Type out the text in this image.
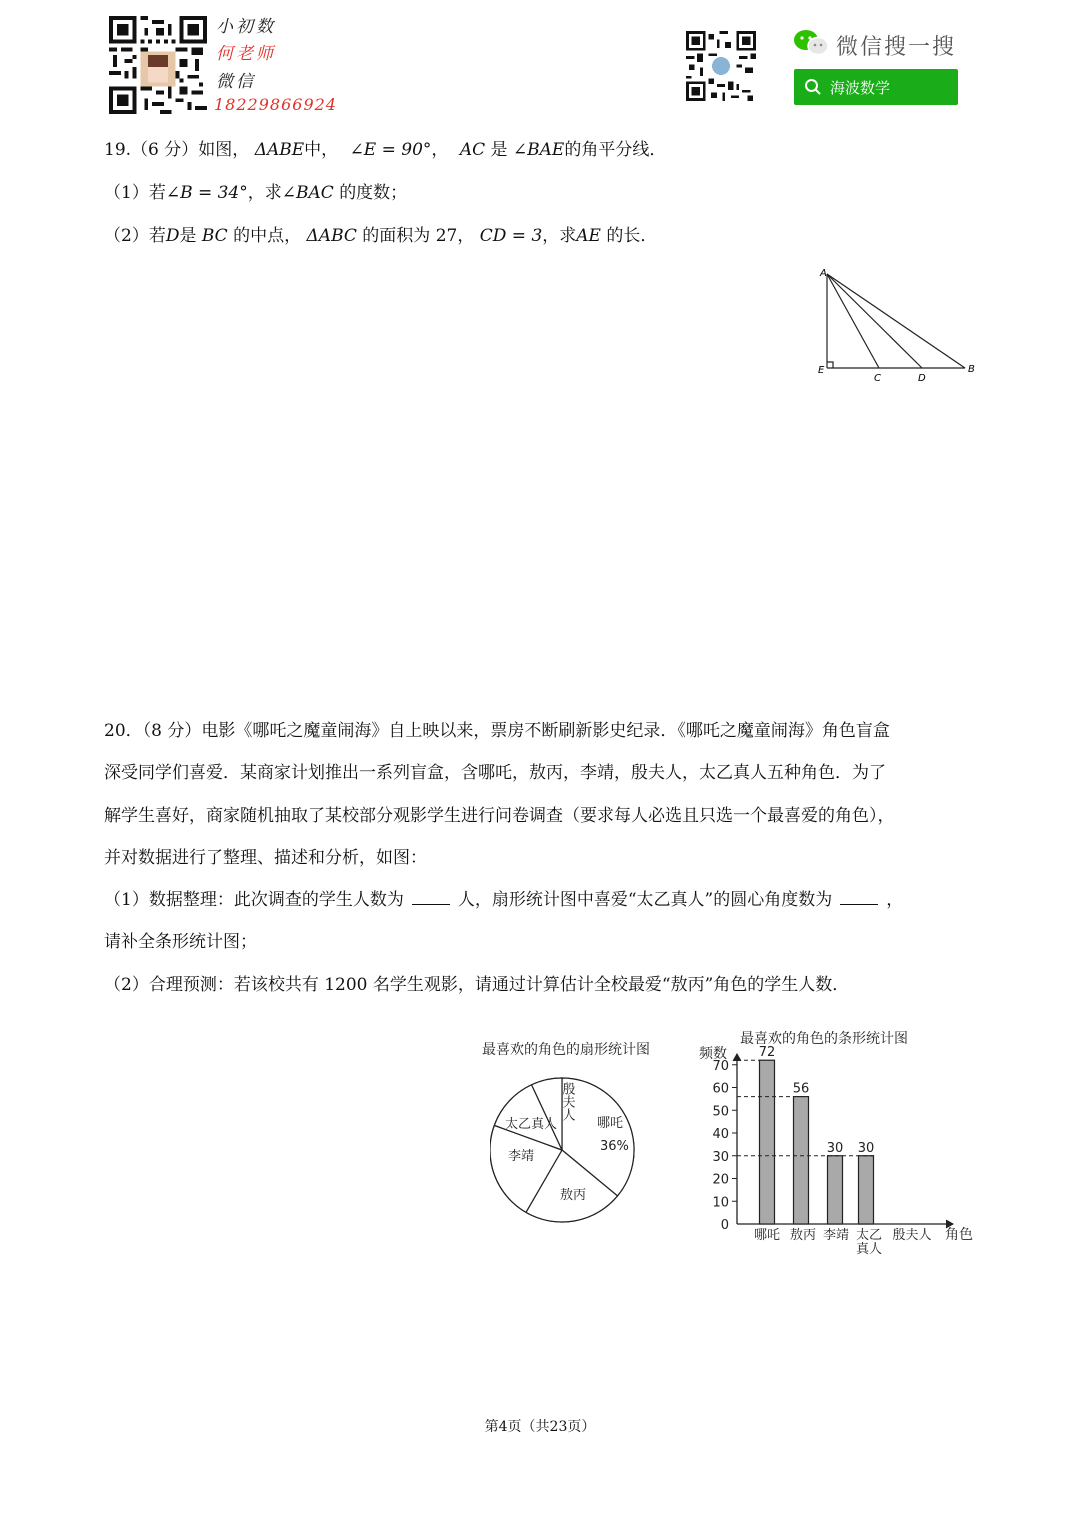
小初数
何老师
微信
18229866924
微信搜一搜
海波数学
19.（6 分）如图， ΔABE中， ∠E = 90°， AC 是 ∠BAE的角平分线．
（1）若∠B = 34°，求∠BAC 的度数；
（2）若D是 BC 的中点， ΔABC 的面积为 27， CD = 3，求AE 的长．
A
E
C	D
B
20．（8 分）电影《哪吒之魔童闹海》自上映以来，票房不断刷新影史纪录．《哪吒之魔童闹海》角色盲盒
深受同学们喜爱．某商家计划推出一系列盲盒，含哪吒，敖丙，李靖，殷夫人，太乙真人五种角色．为了
解学生喜好，商家随机抽取了某校部分观影学生进行问卷调查（要求每人必选且只选一个最喜爱的角色），
并对数据进行了整理、描述和分析，如图：
（1）数据整理：此次调查的学生人数为	人，扇形统计图中喜爱“太乙真人”的圆心角度数为	，
请补全条形统计图；
（2）合理预测：若该校共有 1200 名学生观影，请通过计算估计全校最爱“敖丙”角色的学生人数．
最喜欢的角色的扇形统计图
哪吒
36%
敖丙
李靖
太乙真人
殷夫人
最喜欢的角色的条形统计图
频数
角色
0
10
20
30
40
50
60
70
72
56
30 30
哪吒 敖丙 李靖 太乙
真人
殷夫人
第4页（共23页）
